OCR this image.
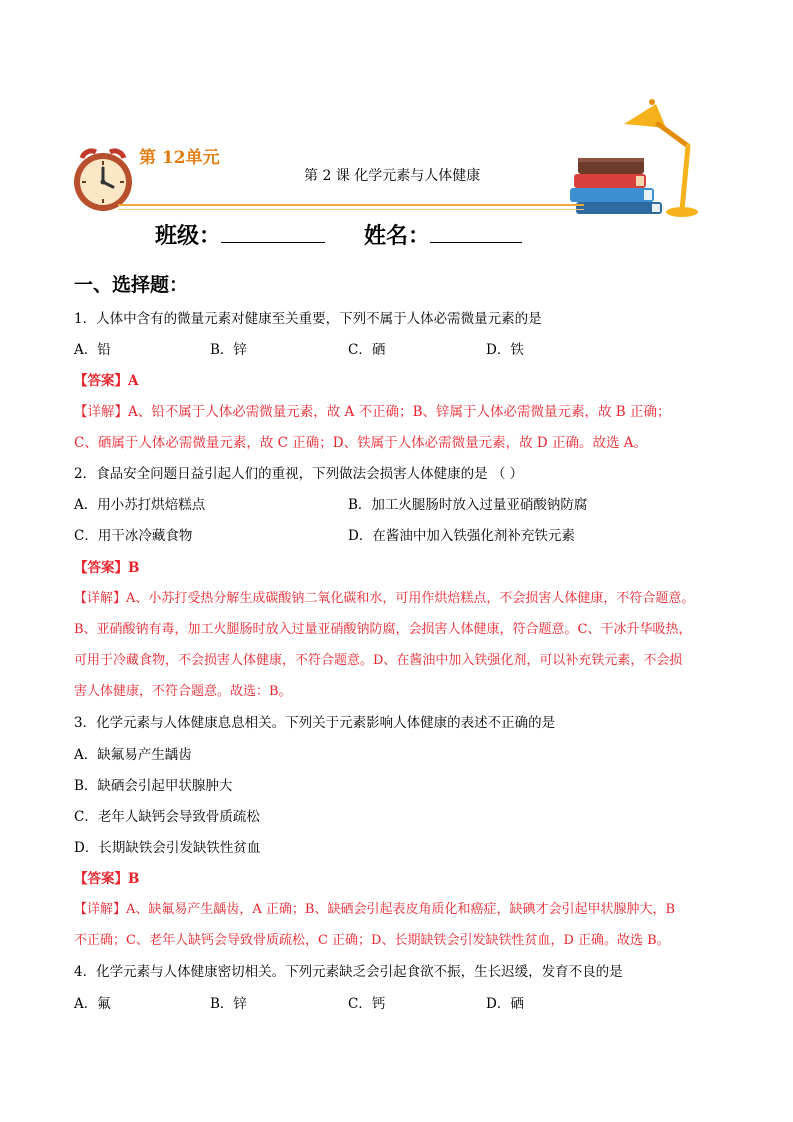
第 12单元
第 2 课 化学元素与人体健康
班级：	姓名：
一、选择题：
1．人体中含有的微量元素对健康至关重要，下列不属于人体必需微量元素的是
A．铅	B．锌	C．硒	D．铁
【答案】A
【详解】A、铅不属于人体必需微量元素，故 A 不正确；B、锌属于人体必需微量元素，故 B 正确；
C、硒属于人体必需微量元素，故 C 正确；D、铁属于人体必需微量元素，故 D 正确。故选 A。
2．食品安全问题日益引起人们的重视，下列做法会损害人体健康的是 （ ）
A．用小苏打烘焙糕点	B．加工火腿肠时放入过量亚硝酸钠防腐
C．用干冰冷藏食物	D．在酱油中加入铁强化剂补充铁元素
【答案】B
【详解】A、小苏打受热分解生成碳酸钠二氧化碳和水，可用作烘焙糕点，不会损害人体健康，不符合题意。
B、亚硝酸钠有毒，加工火腿肠时放入过量亚硝酸钠防腐，会损害人体健康，符合题意。C、干冰升华吸热，
可用于冷藏食物，不会损害人体健康，不符合题意。D、在酱油中加入铁强化剂，可以补充铁元素，不会损
害人体健康，不符合题意。故选：B。
3．化学元素与人体健康息息相关。下列关于元素影响人体健康的表述不正确的是
A．缺氟易产生龋齿
B．缺硒会引起甲状腺肿大
C．老年人缺钙会导致骨质疏松
D．长期缺铁会引发缺铁性贫血
【答案】B
【详解】A、缺氟易产生龋齿，A 正确；B、缺硒会引起表皮角质化和癌症，缺碘才会引起甲状腺肿大，B
不正确；C、老年人缺钙会导致骨质疏松，C 正确；D、长期缺铁会引发缺铁性贫血，D 正确。故选 B。
4．化学元素与人体健康密切相关。下列元素缺乏会引起食欲不振，生长迟缓，发育不良的是
A．氟	B．锌	C．钙	D．硒
